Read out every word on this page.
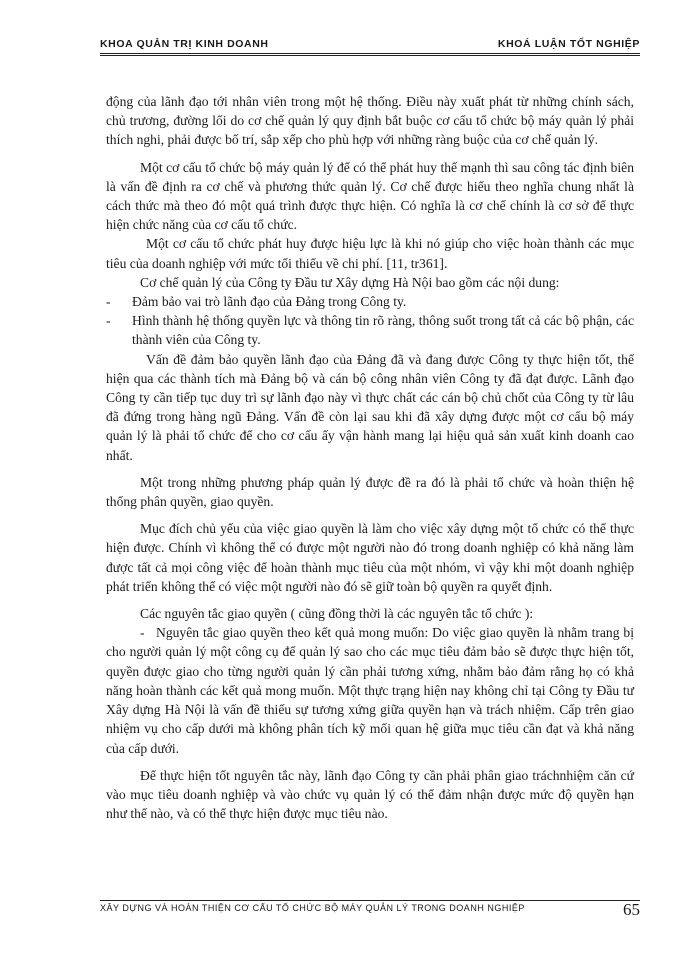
KHOA QUẢN TRỊ KINH DOANH	KHOÁ LUẬN TỐT NGHIỆP

động của lãnh đạo tới nhân viên trong một hệ thống. Điều này xuất phát từ những chính sách, chủ trương, đường lối do cơ chế quản lý quy định bắt buộc cơ cấu tổ chức bộ máy quản lý phải thích nghi, phải được bố trí, sắp xếp cho phù hợp với những ràng buộc của cơ chế quản lý.

Một cơ cấu tổ chức bộ máy quản lý để có thể phát huy thế mạnh thì sau công tác định biên là vấn đề định ra cơ chế và phương thức quản lý. Cơ chế được hiểu theo nghĩa chung nhất là cách thức mà theo đó một quá trình được thực hiện. Có nghĩa là cơ chế chính là cơ sở để thực hiện chức năng của cơ cấu tổ chức.

Một cơ cấu tổ chức phát huy được hiệu lực là khi nó giúp cho việc hoàn thành các mục tiêu của doanh nghiệp với mức tối thiểu về chi phí. [11, tr361].

Cơ chế quản lý của Công ty Đầu tư Xây dựng Hà Nội bao gồm các nội dung:

- Đảm bảo vai trò lãnh đạo của Đảng trong Công ty.

- Hình thành hệ thống quyền lực và thông tin rõ ràng, thông suốt trong tất cả các bộ phận, các thành viên của Công ty.

Vấn đề đảm bảo quyền lãnh đạo của Đảng đã và đang được Công ty thực hiện tốt, thể hiện qua các thành tích mà Đảng bộ và cán bộ công nhân viên Công ty đã đạt được. Lãnh đạo Công ty cần tiếp tục duy trì sự lãnh đạo này vì thực chất các cán bộ chủ chốt của Công ty từ lâu đã đứng trong hàng ngũ Đảng. Vấn đề còn lại sau khi đã xây dựng được một cơ cấu bộ máy quản lý là phải tổ chức để cho cơ cấu ấy vận hành mang lại hiệu quả sản xuất kinh doanh cao nhất.

Một trong những phương pháp quản lý được đề ra đó là phải tổ chức và hoàn thiện hệ thống phân quyền, giao quyền.

Mục đích chủ yếu của việc giao quyền là làm cho việc xây dựng một tổ chức có thể thực hiện được. Chính vì không thể có được một người nào đó trong doanh nghiệp có khả năng làm được tất cả mọi công việc để hoàn thành mục tiêu của một nhóm, vì vậy khi một doanh nghiệp phát triển không thể có việc một người nào đó sẽ giữ toàn bộ quyền ra quyết định.

Các nguyên tắc giao quyền ( cũng đồng thời là các nguyên tắc tổ chức ):

- Nguyên tắc giao quyền theo kết quả mong muốn: Do việc giao quyền là nhằm trang bị cho người quản lý một công cụ để quản lý sao cho các mục tiêu đảm bảo sẽ được thực hiện tốt, quyền được giao cho từng người quản lý cần phải tương xứng, nhằm bảo đảm rằng họ có khả năng hoàn thành các kết quả mong muốn. Một thực trạng hiện nay không chỉ tại Công ty Đầu tư Xây dựng Hà Nội là vấn đề thiếu sự tương xứng giữa quyền hạn và trách nhiệm. Cấp trên giao nhiệm vụ cho cấp dưới mà không phân tích kỹ mối quan hệ giữa mục tiêu cần đạt và khả năng của cấp dưới.

Để thực hiện tốt nguyên tắc này, lãnh đạo Công ty cần phải phân giao tráchnhiệm căn cứ vào mục tiêu doanh nghiệp và vào chức vụ quản lý có thể đảm nhận được mức độ quyền hạn như thế nào, và có thể thực hiện được mục tiêu nào.

XÂY DỰNG VÀ HOÀN THIỆN CƠ CẤU TỔ CHỨC BỘ MÁY QUẢN LÝ TRONG DOANH NGHIỆP	65
